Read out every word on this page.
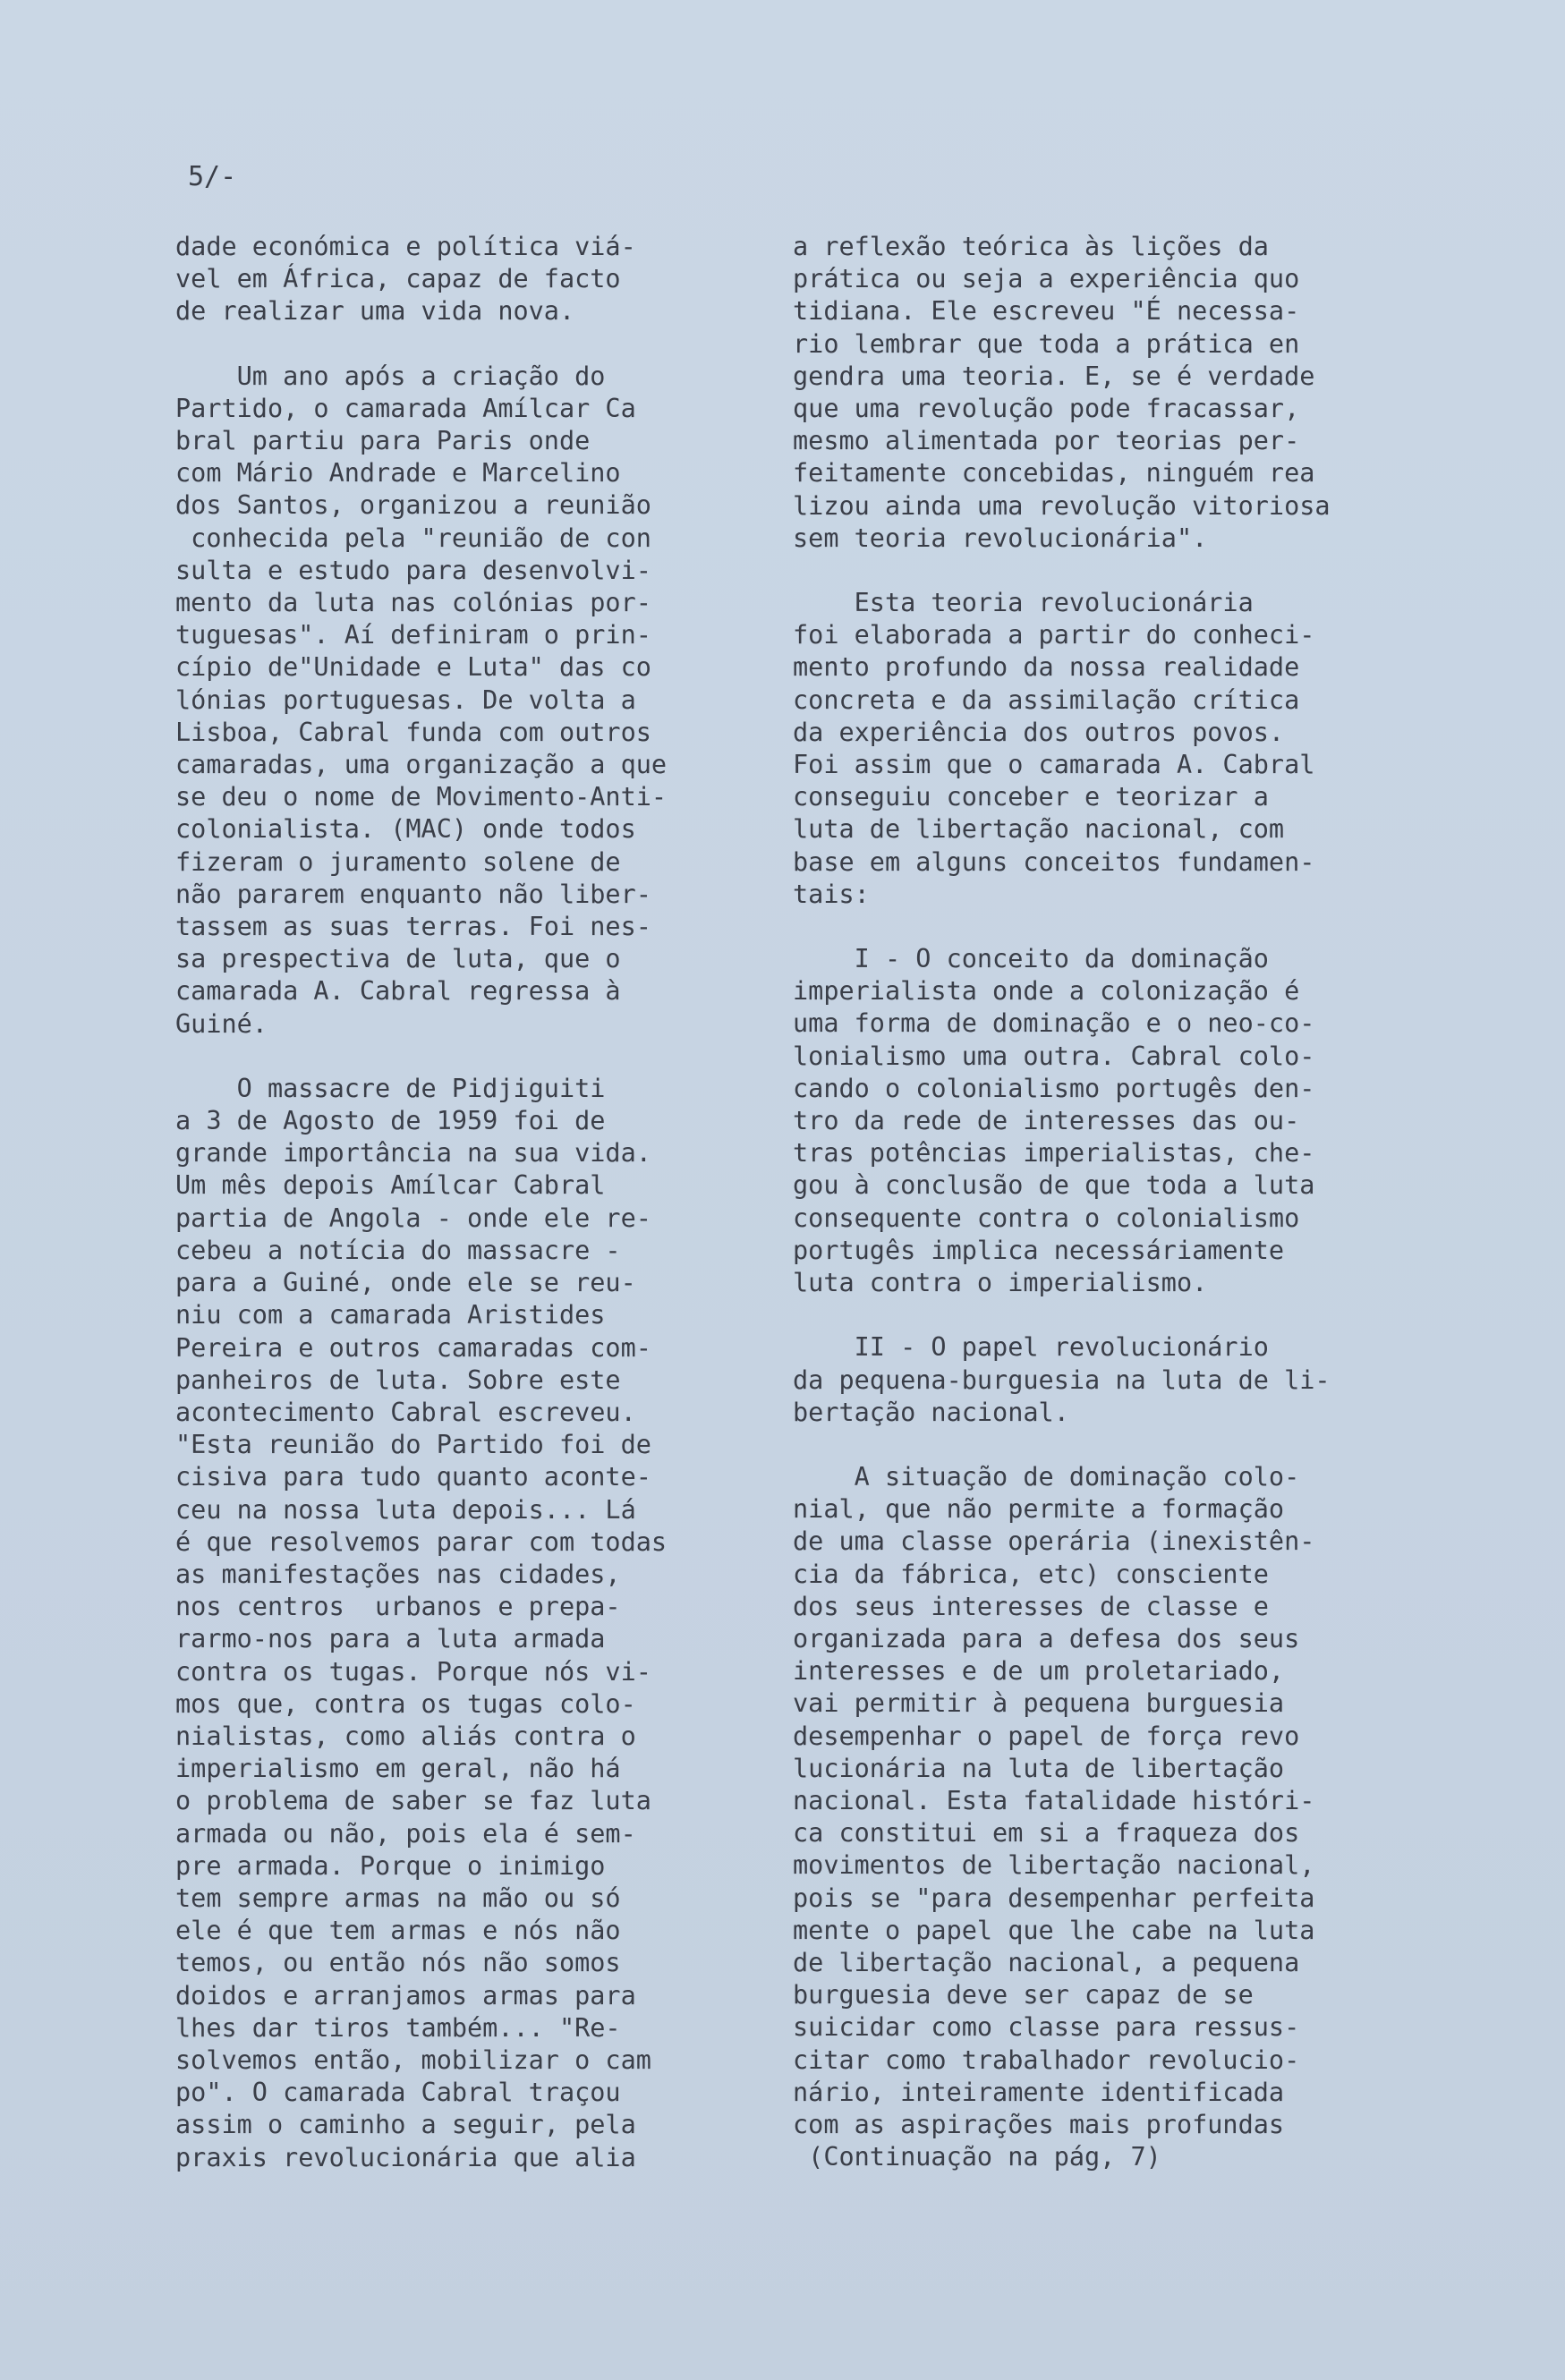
5/-

dade económica e política viá-

vel em África, capaz de facto

de realizar uma vida nova.

Um ano após a criação do

Partido, o camarada Amílcar Ca

bral partiu para Paris onde

com Mário Andrade e Marcelino

dos Santos, organizou a reunião

conhecida pela "reunião de con

sulta e estudo para desenvolvi-

mento da luta nas colónias por-

tuguesas". Aí definiram o prin-

cípio de"Unidade e Luta" das co

lónias portuguesas. De volta a

Lisboa, Cabral funda com outros

camaradas, uma organização a que

se deu o nome de Movimento-Anti-

colonialista. (MAC) onde todos

fizeram o juramento solene de

não pararem enquanto não liber-

tassem as suas terras. Foi nes-

sa prespectiva de luta, que o

camarada A. Cabral regressa à

Guiné.

O massacre de Pidjiguiti

a 3 de Agosto de 1959 foi de

grande importância na sua vida.

Um mês depois Amílcar Cabral

partia de Angola - onde ele re-

cebeu a notícia do massacre -

para a Guiné, onde ele se reu-

niu com a camarada Aristides

Pereira e outros camaradas com-

panheiros de luta. Sobre este

acontecimento Cabral escreveu.

"Esta reunião do Partido foi de

cisiva para tudo quanto aconte-

ceu na nossa luta depois... Lá

é que resolvemos parar com todas

as manifestações nas cidades,

nos centros  urbanos e prepa-

rarmo-nos para a luta armada

contra os tugas. Porque nós vi-

mos que, contra os tugas colo-

nialistas, como aliás contra o

imperialismo em geral, não há

o problema de saber se faz luta

armada ou não, pois ela é sem-

pre armada. Porque o inimigo

tem sempre armas na mão ou só

ele é que tem armas e nós não

temos, ou então nós não somos

doidos e arranjamos armas para

lhes dar tiros também... "Re-

solvemos então, mobilizar o cam

po". O camarada Cabral traçou

assim o caminho a seguir, pela

praxis revolucionária que alia

a reflexão teórica às lições da

prática ou seja a experiência quo

tidiana. Ele escreveu "É necessa-

rio lembrar que toda a prática en

gendra uma teoria. E, se é verdade

que uma revolução pode fracassar,

mesmo alimentada por teorias per-

feitamente concebidas, ninguém rea

lizou ainda uma revolução vitoriosa

sem teoria revolucionária".

Esta teoria revolucionária

foi elaborada a partir do conheci-

mento profundo da nossa realidade

concreta e da assimilação crítica

da experiência dos outros povos.

Foi assim que o camarada A. Cabral

conseguiu conceber e teorizar a

luta de libertação nacional, com

base em alguns conceitos fundamen-

tais:

I - O conceito da dominação

imperialista onde a colonização é

uma forma de dominação e o neo-co-

lonialismo uma outra. Cabral colo-

cando o colonialismo portugês den-

tro da rede de interesses das ou-

tras potências imperialistas, che-

gou à conclusão de que toda a luta

consequente contra o colonialismo

portugês implica necessáriamente

luta contra o imperialismo.

II - O papel revolucionário

da pequena-burguesia na luta de li-

bertação nacional.

A situação de dominação colo-

nial, que não permite a formação

de uma classe operária (inexistên-

cia da fábrica, etc) consciente

dos seus interesses de classe e

organizada para a defesa dos seus

interesses e de um proletariado,

vai permitir à pequena burguesia

desempenhar o papel de força revo

lucionária na luta de libertação

nacional. Esta fatalidade históri-

ca constitui em si a fraqueza dos

movimentos de libertação nacional,

pois se "para desempenhar perfeita

mente o papel que lhe cabe na luta

de libertação nacional, a pequena

burguesia deve ser capaz de se

suicidar como classe para ressus-

citar como trabalhador revolucio-

nário, inteiramente identificada

com as aspirações mais profundas

(Continuação na pág, 7)
